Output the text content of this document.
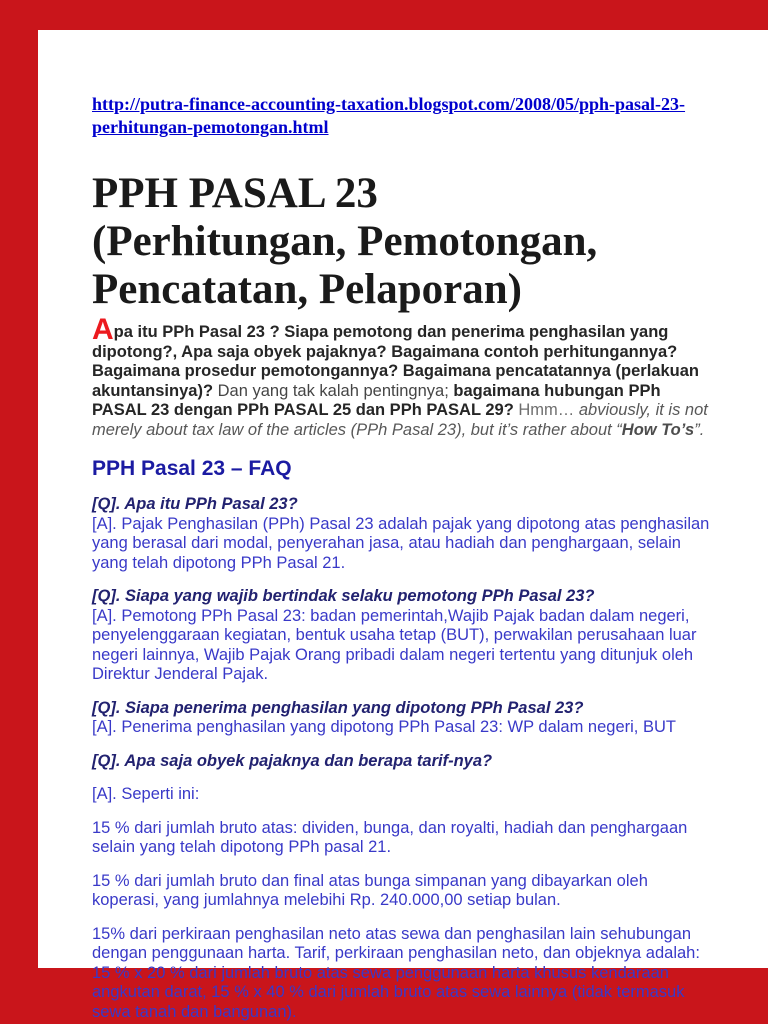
http://putra-finance-accounting-taxation.blogspot.com/2008/05/pph-pasal-23-
perhitungan-pemotongan.html
PPH PASAL 23
(Perhitungan, Pemotongan,
Pencatatan, Pelaporan)

Apa itu PPh Pasal 23 ? Siapa pemotong dan penerima penghasilan yang dipotong?, Apa saja obyek pajaknya? Bagaimana contoh perhitungannya? Bagaimana prosedur pemotongannya? Bagaimana pencatatannya (perlakuan akuntansinya)? Dan yang tak kalah pentingnya; bagaimana hubungan PPh PASAL 23 dengan PPh PASAL 25 dan PPh PASAL 29? Hmm… abviously, it is not merely about tax law of the articles (PPh Pasal 23), but it’s rather about “How To’s”.

PPH Pasal 23 – FAQ

[Q]. Apa itu PPh Pasal 23?

[A]. Pajak Penghasilan (PPh) Pasal 23 adalah pajak yang dipotong atas penghasilan yang berasal dari modal, penyerahan jasa, atau hadiah dan penghargaan, selain yang telah dipotong PPh Pasal 21.

[Q]. Siapa yang wajib bertindak selaku pemotong PPh Pasal 23?

[A]. Pemotong PPh Pasal 23: badan pemerintah,Wajib Pajak badan dalam negeri, penyelenggaraan kegiatan, bentuk usaha tetap (BUT), perwakilan perusahaan luar negeri lainnya, Wajib Pajak Orang pribadi dalam negeri tertentu yang ditunjuk oleh Direktur Jenderal Pajak.

[Q]. Siapa penerima penghasilan yang dipotong PPh Pasal 23?

[A]. Penerima penghasilan yang dipotong PPh Pasal 23: WP dalam negeri, BUT

[Q]. Apa saja obyek pajaknya dan berapa tarif-nya?

[A]. Seperti ini:

15 % dari jumlah bruto atas: dividen, bunga, dan royalti, hadiah dan penghargaan selain yang telah dipotong PPh pasal 21.

15 % dari jumlah bruto dan final atas bunga simpanan yang dibayarkan oleh koperasi, yang jumlahnya melebihi Rp. 240.000,00 setiap bulan.

15% dari perkiraan penghasilan neto atas sewa dan penghasilan lain sehubungan dengan penggunaan harta. Tarif, perkiraan penghasilan neto, dan objeknya adalah: 15 % x 20 % dari jumlah bruto atas sewa penggunaan harta khusus kendaraan angkutan darat, 15 % x 40 % dari jumlah bruto atas sewa lainnya (tidak termasuk sewa tanah dan bangunan).
